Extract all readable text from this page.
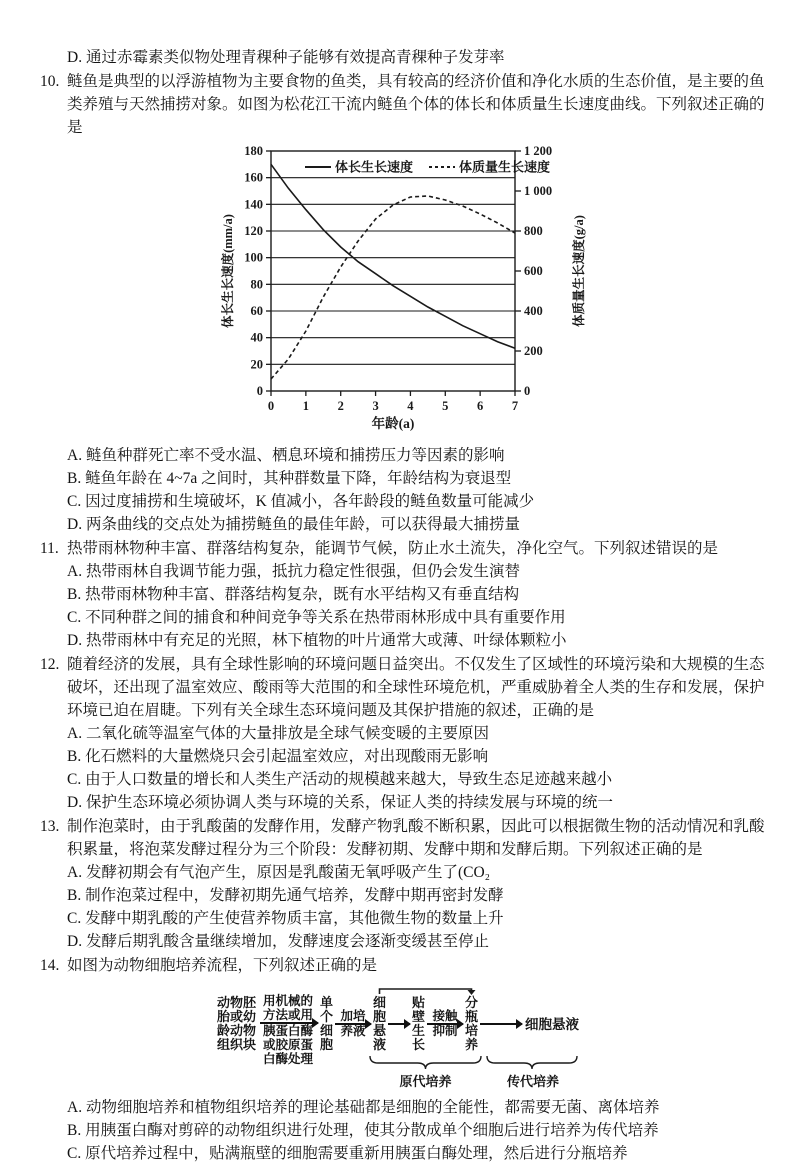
D. 通过赤霉素类似物处理青稞种子能够有效提高青稞种子发芽率
10. 鲢鱼是典型的以浮游植物为主要食物的鱼类，具有较高的经济价值和净化水质的生态价值，是主要的鱼类养殖与天然捕捞对象。如图为松花江干流内鲢鱼个体的体长和体质量生长速度曲线。下列叙述正确的是
0
20
40
60
80
100
120
140
160
180
0
200
400
600
800
1 000
1 200
0 1 2 3 4 5 6 7
体长生长速度	体质量生长速度
年龄(a)
体长生长速度(mm/a)	体质量生长速度(g/a)
A. 鲢鱼种群死亡率不受水温、栖息环境和捕捞压力等因素的影响
B. 鲢鱼年龄在 4~7a 之间时，其种群数量下降，年龄结构为衰退型
C. 因过度捕捞和生境破坏，K 值减小，各年龄段的鲢鱼数量可能减少
D. 两条曲线的交点处为捕捞鲢鱼的最佳年龄，可以获得最大捕捞量
11. 热带雨林物种丰富、群落结构复杂，能调节气候，防止水土流失，净化空气。下列叙述错误的是
A. 热带雨林自我调节能力强，抵抗力稳定性很强，但仍会发生演替
B. 热带雨林物种丰富、群落结构复杂，既有水平结构又有垂直结构
C. 不同种群之间的捕食和种间竞争等关系在热带雨林形成中具有重要作用
D. 热带雨林中有充足的光照，林下植物的叶片通常大或薄、叶绿体颗粒小
12. 随着经济的发展，具有全球性影响的环境问题日益突出。不仅发生了区域性的环境污染和大规模的生态破坏，还出现了温室效应、酸雨等大范围的和全球性环境危机，严重威胁着全人类的生存和发展，保护环境已迫在眉睫。下列有关全球生态环境问题及其保护措施的叙述，正确的是
A. 二氧化硫等温室气体的大量排放是全球气候变暖的主要原因
B. 化石燃料的大量燃烧只会引起温室效应，对出现酸雨无影响
C. 由于人口数量的增长和人类生产活动的规模越来越大，导致生态足迹越来越小
D. 保护生态环境必须协调人类与环境的关系，保证人类的持续发展与环境的统一
13. 制作泡菜时，由于乳酸菌的发酵作用，发酵产物乳酸不断积累，因此可以根据微生物的活动情况和乳酸积累量，将泡菜发酵过程分为三个阶段：发酵初期、发酵中期和发酵后期。下列叙述正确的是
A. 发酵初期会有气泡产生，原因是乳酸菌无氧呼吸产生了(CO₂
B. 制作泡菜过程中，发酵初期先通气培养，发酵中期再密封发酵
C. 发酵中期乳酸的产生使营养物质丰富，其他微生物的数量上升
D. 发酵后期乳酸含量继续增加，发酵速度会逐渐变缓甚至停止
14. 如图为动物细胞培养流程，下列叙述正确的是
动物胚胎或幼龄动物组织块
用机械的方法或用
胰蛋白酶或胶原蛋白酶处理
单个细胞
加培养液
细胞悬液
贴壁生长
接触抑制
分瓶培养
细胞悬液
原代培养	传代培养
A. 动物细胞培养和植物组织培养的理论基础都是细胞的全能性，都需要无菌、离体培养
B. 用胰蛋白酶对剪碎的动物组织进行处理，使其分散成单个细胞后进行培养为传代培养
C. 原代培养过程中，贴满瓶壁的细胞需要重新用胰蛋白酶处理，然后进行分瓶培养
